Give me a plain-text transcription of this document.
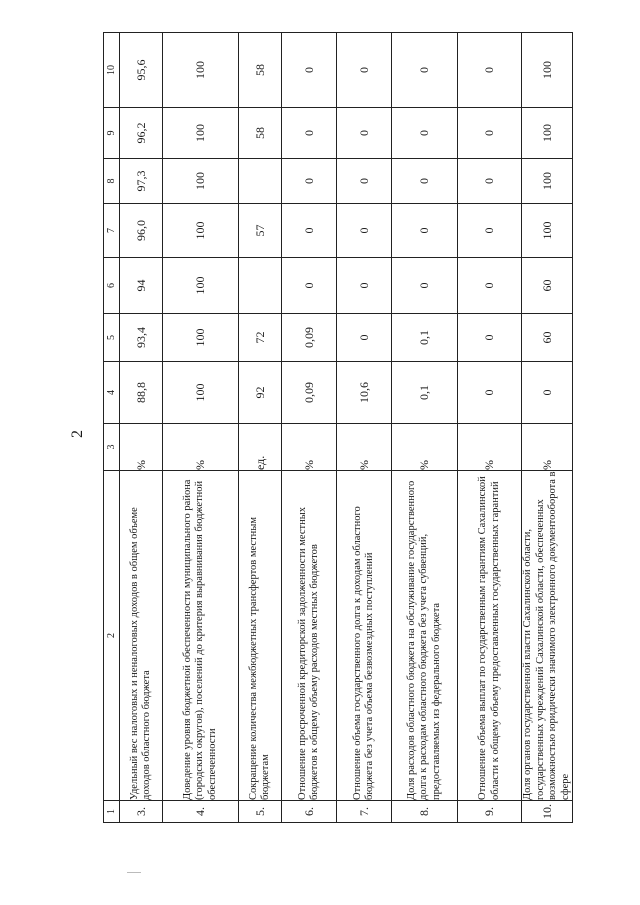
2
1	2	3	4	5	6	7	8	9	10
3.	Удельный вес налоговых и неналоговых доходов в общем объеме доходов областного бюджета	%	88,8	93,4	94	96,0	97,3	96,2	95,6
4.	Доведение уровня бюджетной обеспеченности муниципального района (городских округов), поселений до критерия выравнивания бюджетной обеспеченности	%	100	100	100	100	100	100	100
5.	Сокращение количества межбюджетных трансфертов местным бюджетам	ед.	92	72		57		58	58
6.	Отношение просроченной кредиторской задолженности местных бюджетов к общему объему расходов местных бюджетов	%	0,09	0,09	0	0	0	0	0
7.	Отношение объема государственного долга к доходам областного бюджета без учета объема безвозмездных поступлений	%	10,6	0	0	0	0	0	0
8.	Доля расходов областного бюджета на обслуживание государственного долга к расходам областного бюджета без учета субвенций, предоставляемых из федерального бюджета	%	0,1	0,1	0	0	0	0	0
9.	Отношение объема выплат по государственным гарантиям Сахалинской области к общему объему предоставленных государственных гарантий	%	0	0	0	0	0	0	0
10.	Доля органов государственной власти Сахалинской области, государственных учреждений Сахалинской области, обеспеченных возможностью юридически значимого электронного документооборота в сфере	%	0	60	60	100	100	100	100
